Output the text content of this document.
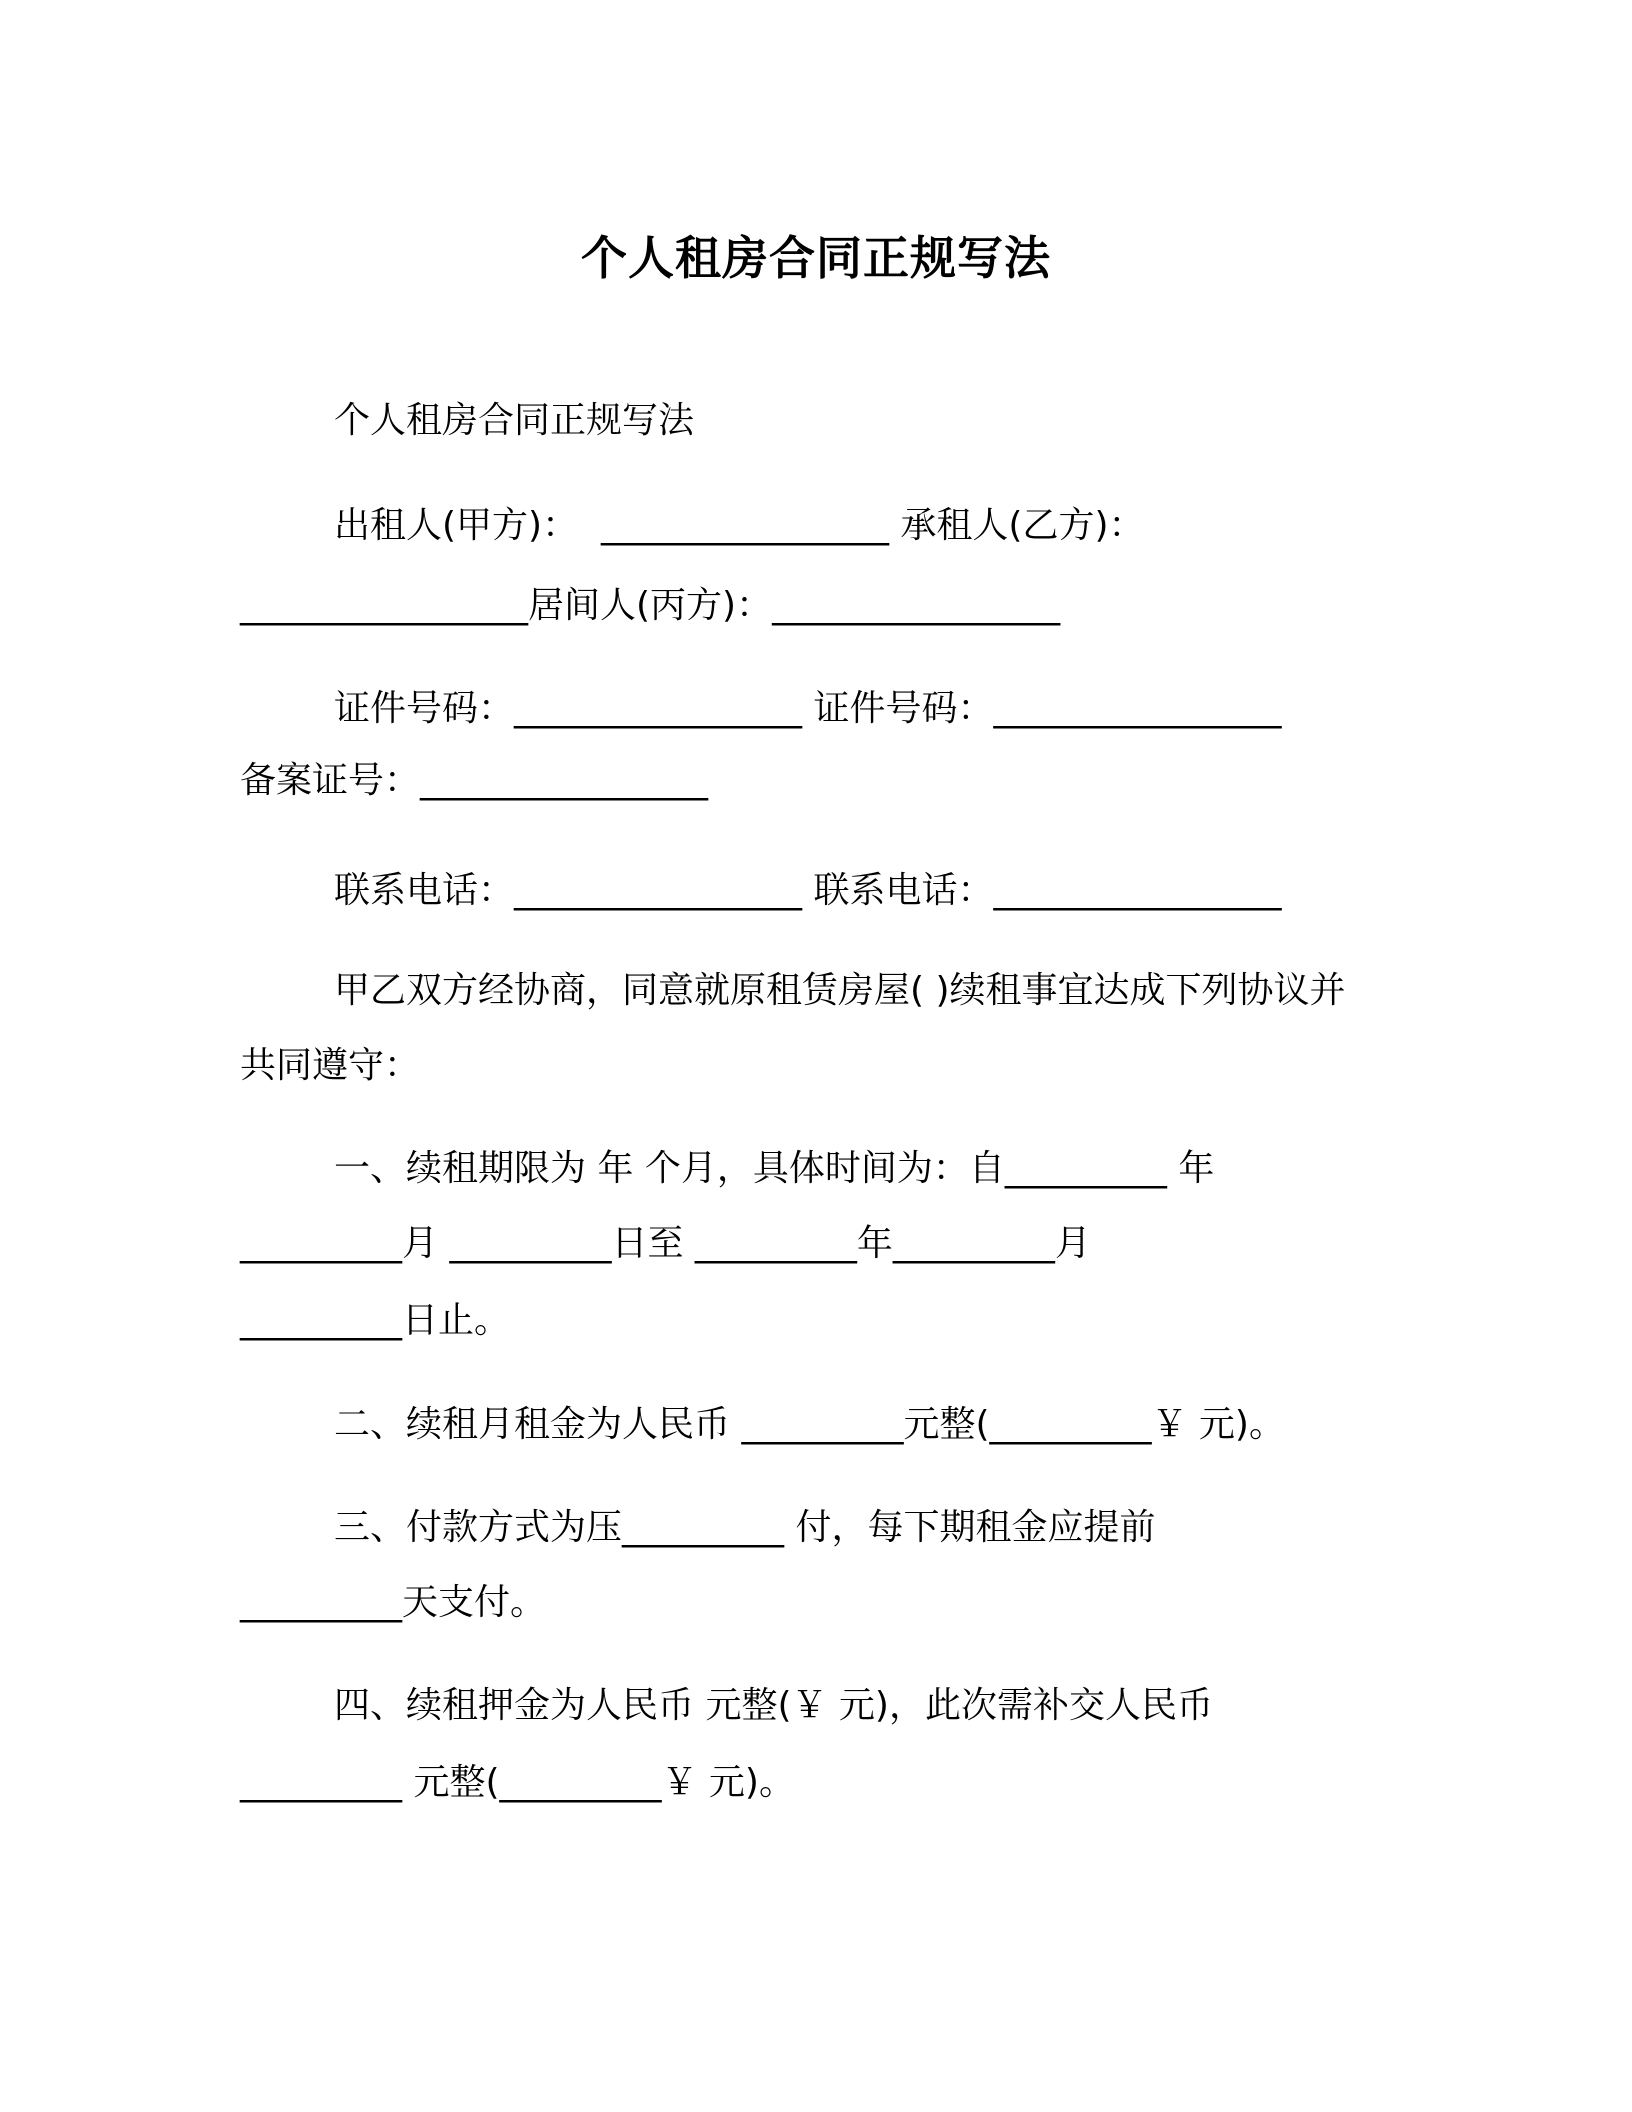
个人租房合同正规写法

个人租房合同正规写法

出租人(甲方)：  ________________ 承租人(乙方)：

________________居间人(丙方)：________________

证件号码：________________ 证件号码：________________

备案证号：________________

联系电话：________________ 联系电话：________________

甲乙双方经协商，同意就原租赁房屋( )续租事宜达成下列协议并

共同遵守：

一、续租期限为 年 个月，具体时间为：自_________ 年

_________月 _________日至 _________年_________月

_________日止。

二、续租月租金为人民币 _________元整(_________￥ 元)。

三、付款方式为压_________ 付，每下期租金应提前

_________天支付。

四、续租押金为人民币 元整(￥ 元)，此次需补交人民币

_________ 元整(_________￥ 元)。
